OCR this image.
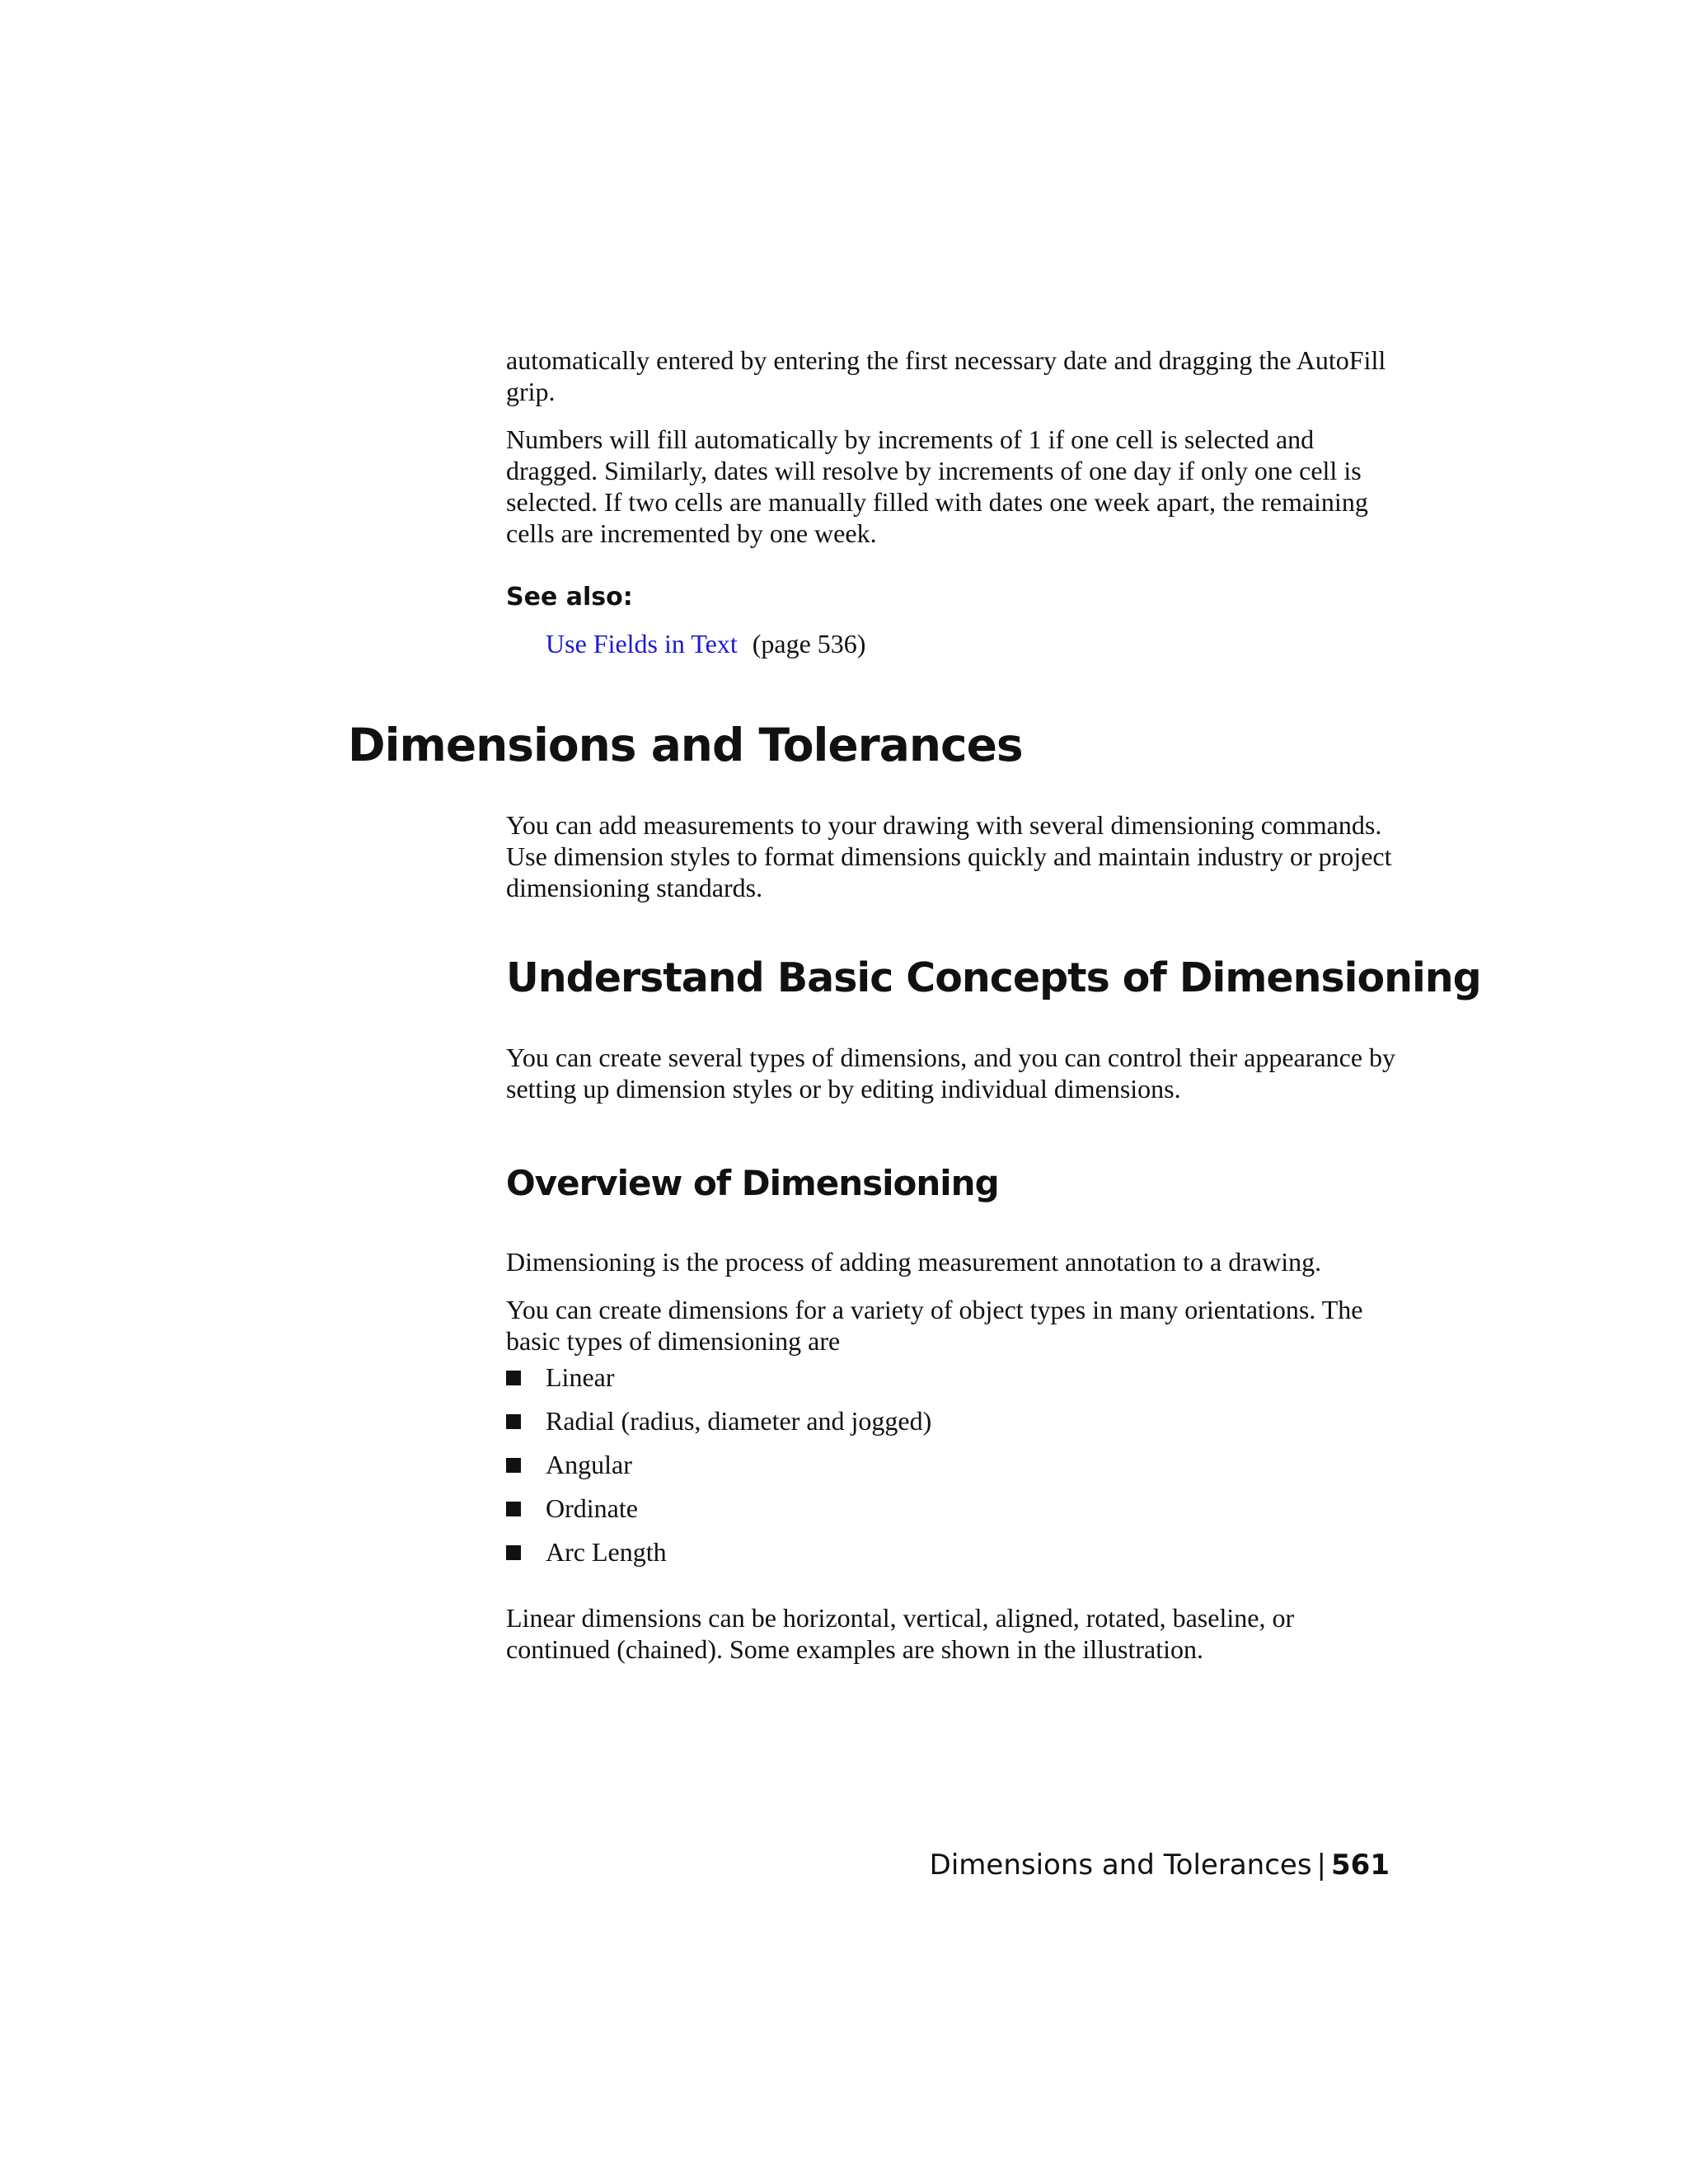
automatically entered by entering the first necessary date and dragging the AutoFill grip.

Numbers will fill automatically by increments of 1 if one cell is selected and dragged. Similarly, dates will resolve by increments of one day if only one cell is selected. If two cells are manually filled with dates one week apart, the remaining cells are incremented by one week.

See also:
Use Fields in Text (page 536)
Dimensions and Tolerances
You can add measurements to your drawing with several dimensioning commands. Use dimension styles to format dimensions quickly and maintain industry or project dimensioning standards.
Understand Basic Concepts of Dimensioning
You can create several types of dimensions, and you can control their appearance by setting up dimension styles or by editing individual dimensions.
Overview of Dimensioning
Dimensioning is the process of adding measurement annotation to a drawing.
You can create dimensions for a variety of object types in many orientations. The basic types of dimensioning are
Linear
Radial (radius, diameter and jogged)
Angular
Ordinate
Arc Length
Linear dimensions can be horizontal, vertical, aligned, rotated, baseline, or continued (chained). Some examples are shown in the illustration.
Dimensions and Tolerances | 561
